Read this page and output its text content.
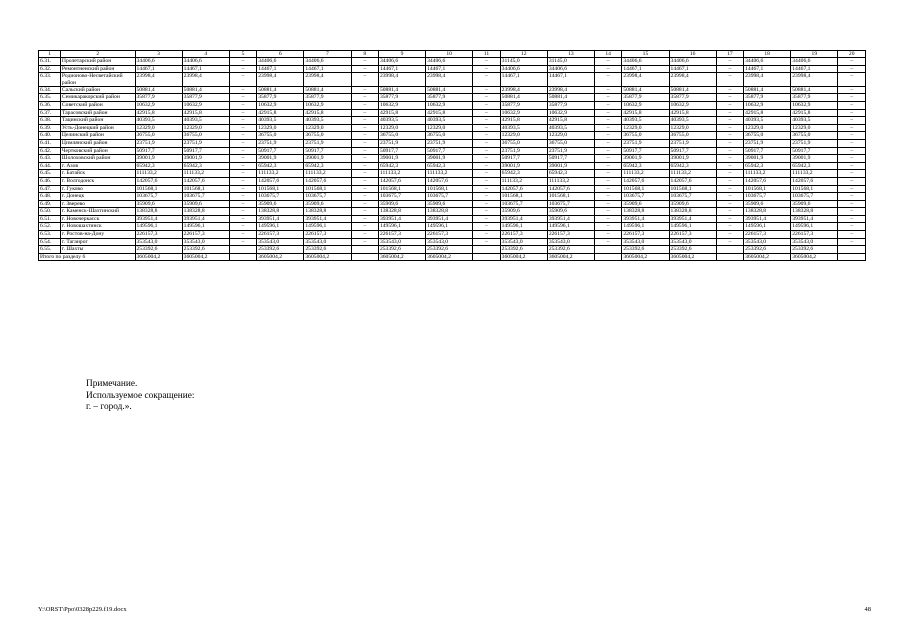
1	2	3	4	5	6	7	8	9	10	11	12	13	14	15	16	17	18	19	20
6.31.	Пролетарский район	34406,6	34406,6	–	34406,6	34406,6	–	34406,6	34406,6	–	31145,0	31145,0	–	34406,6	34406,6	–	34406,6	34406,6	–
6.32.	Ремонтненский район	14467,1	14467,1	–	14467,1	14467,1	–	14467,1	14467,1	–	34406,6	34406,6	–	14467,1	14467,1	–	14467,1	14467,1	–
6.33.	Родионово-Несветайский район	23998,4	23998,4	–	23998,4	23998,4	–	23998,4	23998,4	–	14467,1	14467,1	–	23998,4	23998,4	–	23998,4	23998,4	–
6.34.	Сальский район	50881,4	50881,4	–	50881,4	50881,4	–	50881,4	50881,4	–	23998,4	23998,4	–	50881,4	50881,4	–	50881,4	50881,4	–
6.35.	Семикаракорский район	35877,9	35877,9	–	35877,9	35877,9	–	35877,9	35877,9	–	50881,4	50881,4	–	35877,9	35877,9	–	35877,9	35877,9	–
6.36.	Советский район	10632,9	10632,9	–	10632,9	10632,9	–	10632,9	10632,9	–	35877,9	35877,9	–	10632,9	10632,9	–	10632,9	10632,9	–
6.37.	Тарасовский район	42915,8	42915,8	–	42915,8	42915,8	–	42915,8	42915,8	–	10632,9	10632,9	–	42915,8	42915,8	–	42915,8	42915,8	–
6.38.	Тацинский район	40393,5	40393,5	–	40393,5	40393,5	–	40393,5	40393,5	–	42915,8	42915,8	–	40393,5	40393,5	–	40393,5	40393,5	–
6.39.	Усть-Донецкий район	12329,0	12329,0	–	12329,0	12329,0	–	12329,0	12329,0	–	40393,5	40393,5	–	12329,0	12329,0	–	12329,0	12329,0	–
6.40.	Целинский район	36755,0	36755,0	–	36755,0	36755,0	–	36755,0	36755,0	–	12329,0	12329,0	–	36755,0	36755,0	–	36755,0	36755,0	–
6.41.	Цимлянский район	23751,9	23751,9	–	23751,9	23751,9	–	23751,9	23751,9	–	36755,0	36755,0	–	23751,9	23751,9	–	23751,9	23751,9	–
6.42.	Чертковский район	50917,7	50917,7	–	50917,7	50917,7	–	50917,7	50917,7	–	23751,9	23751,9	–	50917,7	50917,7	–	50917,7	50917,7	–
6.43.	Шолоховский район	39001,9	39001,9	–	39001,9	39001,9	–	39001,9	39001,9	–	50917,7	50917,7	–	39001,9	39001,9	–	39001,9	39001,9	–
6.44.	г. Азов	65942,3	65942,3	–	65942,3	65942,3	–	65942,3	65942,3	–	39001,9	39001,9	–	65942,3	65942,3	–	65942,3	65942,3	–
6.45.	г. Батайск	111133,2	111133,2	–	111133,2	111133,2	–	111133,2	111133,2	–	65942,3	65942,3	–	111133,2	111133,2	–	111133,2	111133,2	–
6.46.	г. Волгодонск	142057,6	142057,6	–	142057,6	142057,6	–	142057,6	142057,6	–	111133,2	111133,2	–	142057,6	142057,6	–	142057,6	142057,6	–
6.47.	г. Гуково	101568,1	101568,1	–	101568,1	101568,1	–	101568,1	101568,1	–	142057,6	142057,6	–	101568,1	101568,1	–	101568,1	101568,1	–
6.48.	г. Донецк	103675,7	103675,7	–	103675,7	103675,7	–	103675,7	103675,7	–	101568,1	101568,1	–	103675,7	103675,7	–	103675,7	103675,7	–
6.49.	г. Зверево	35909,6	35909,6	–	35909,6	35909,6	–	35909,6	35909,6	–	103675,7	103675,7	–	35909,6	35909,6	–	35909,6	35909,6	–
6.50.	г. Каменск-Шахтинский	138328,8	138328,8	–	138328,8	138328,8	–	138328,8	138328,8	–	35909,6	35909,6	–	138328,8	138328,8	–	138328,8	138328,8	–
6.51.	г. Новочеркасск	393951,4	393951,4	–	393951,4	393951,4	–	393951,4	393951,4	–	393951,4	393951,4	–	393951,4	393951,4	–	393951,4	393951,4	–
6.52.	г. Новошахтинск	149596,1	149596,1	–	149596,1	149596,1	–	149596,1	149596,1	–	149596,1	149596,1	–	149596,1	149596,1	–	149596,1	149596,1	–
6.53.	г. Ростов-на-Дону	226157,3	226157,3	–	226157,3	226157,3	–	226157,3	226157,3	–	226157,3	226157,3	–	226157,3	226157,3	–	226157,3	226157,3	–
6.54.	г. Таганрог	353543,0	353543,0	–	353543,0	353543,0	–	353543,0	353543,0	–	353543,0	353543,0	–	353543,0	353543,0	–	353543,0	353543,0	–
6.55.	г. Шахты	253392,6	253392,6		253392,6	253392,6		253392,6	253392,6		253392,6	253392,6		253392,6	253392,6		253392,6	253392,6	
Итого по разделу 6		3605004,2	3605004,2		3605004,2	3605004,2		3605004,2	3605004,2		3605004,2	3605004,2		3605004,2	3605004,2		3605004,2	3605004,2	
Примечание.
Используемое сокращение:
г. – город.».
Y:\ORST\Ppo\0328p229.f19.docx	48
